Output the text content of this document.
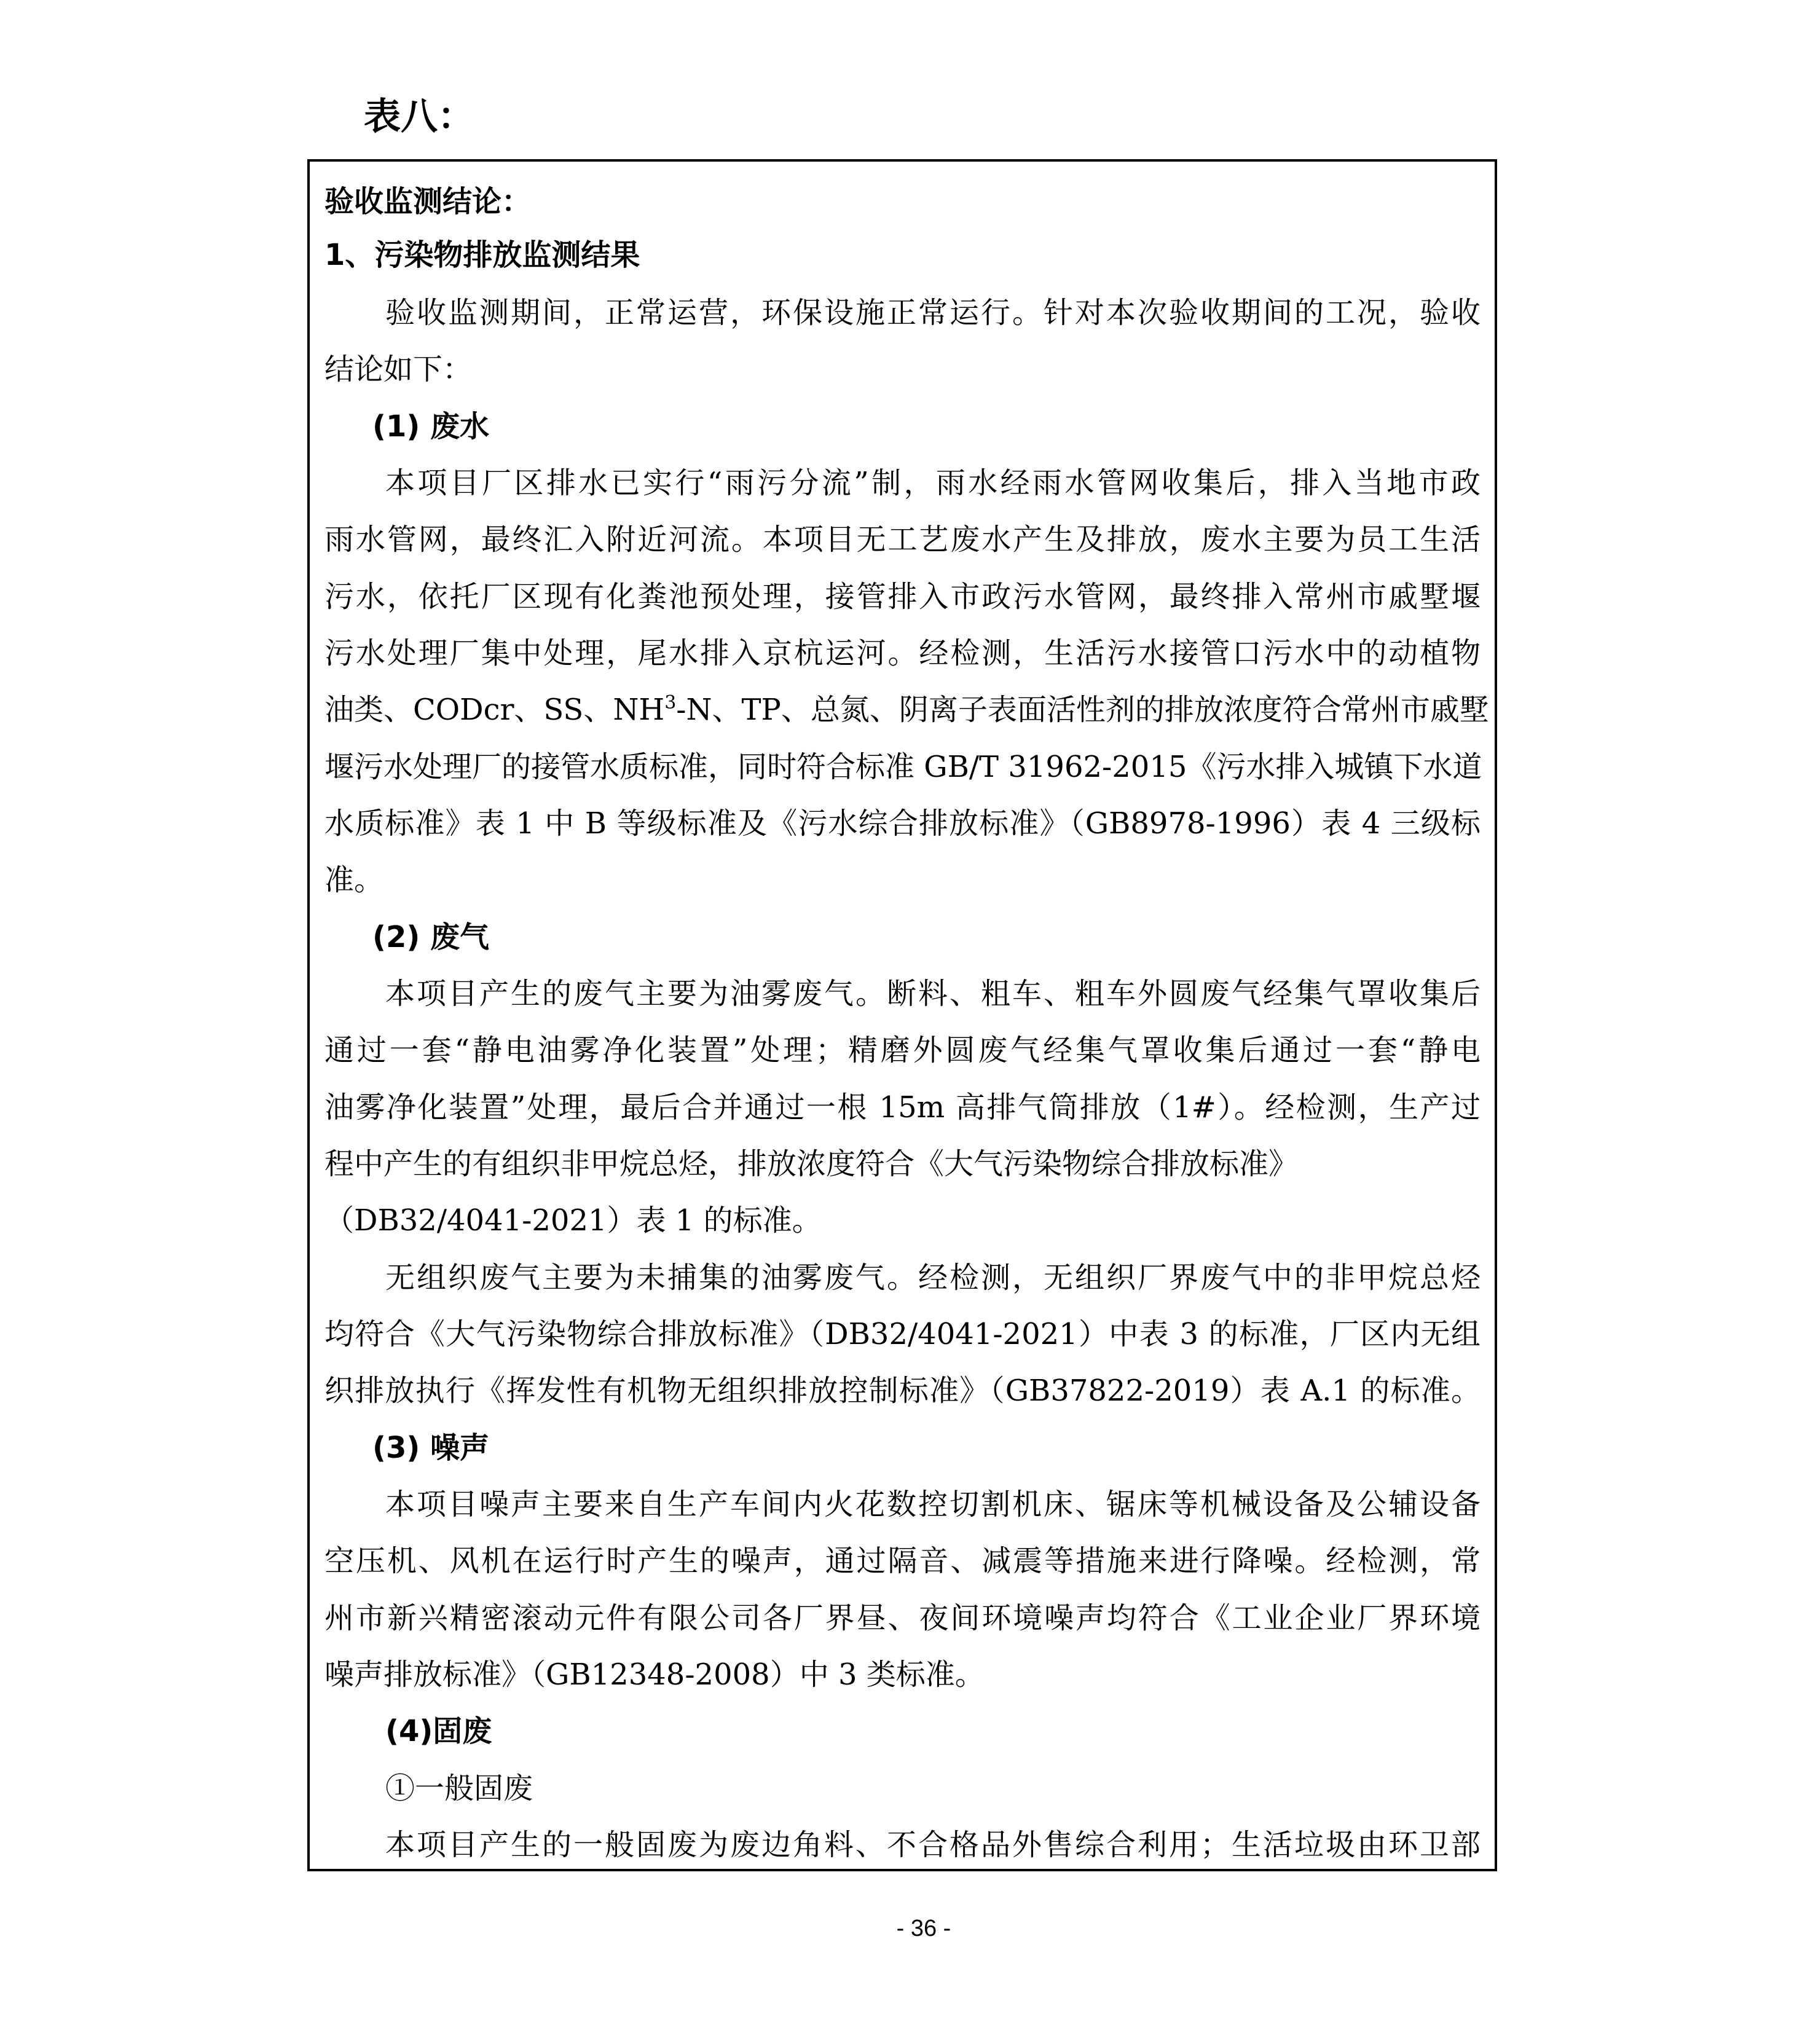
表八：
验收监测结论：
1、污染物排放监测结果
验收监测期间，正常运营，环保设施正常运行。针对本次验收期间的工况，验收
结论如下：
(1) 废水
本项目厂区排水已实行“雨污分流”制，雨水经雨水管网收集后，排入当地市政
雨水管网，最终汇入附近河流。本项目无工艺废水产生及排放，废水主要为员工生活
污水，依托厂区现有化粪池预处理，接管排入市政污水管网，最终排入常州市戚墅堰
污水处理厂集中处理，尾水排入京杭运河。经检测，生活污水接管口污水中的动植物
油类、CODcr、SS、$NH^3-N$、TP、总氮、阴离子表面活性剂的排放浓度符合常州市戚墅
堰污水处理厂的接管水质标准，同时符合标准 GB/T 31962-2015《污水排入城镇下水道
水质标准》表 1 中 B 等级标准及《污水综合排放标准》（GB8978-1996）表 4 三级标
准。
(2) 废气
本项目产生的废气主要为油雾废气。断料、粗车、粗车外圆废气经集气罩收集后
通过一套“静电油雾净化装置”处理；精磨外圆废气经集气罩收集后通过一套“静电
油雾净化装置”处理，最后合并通过一根 15m 高排气筒排放（1#）。经检测，生产过
程中产生的有组织非甲烷总烃，排放浓度符合《大气污染物综合排放标准》
（DB32/4041-2021）表 1 的标准。
无组织废气主要为未捕集的油雾废气。经检测，无组织厂界废气中的非甲烷总烃
均符合《大气污染物综合排放标准》（DB32/4041-2021）中表 3 的标准，厂区内无组
织排放执行《挥发性有机物无组织排放控制标准》（GB37822-2019）表 A.1 的标准。
(3) 噪声
本项目噪声主要来自生产车间内火花数控切割机床、锯床等机械设备及公辅设备
空压机、风机在运行时产生的噪声，通过隔音、减震等措施来进行降噪。经检测，常
州市新兴精密滚动元件有限公司各厂界昼、夜间环境噪声均符合《工业企业厂界环境
噪声排放标准》（GB12348-2008）中 3 类标准。
(4)固废
①一般固废
本项目产生的一般固废为废边角料、不合格品外售综合利用；生活垃圾由环卫部
- 36 -
